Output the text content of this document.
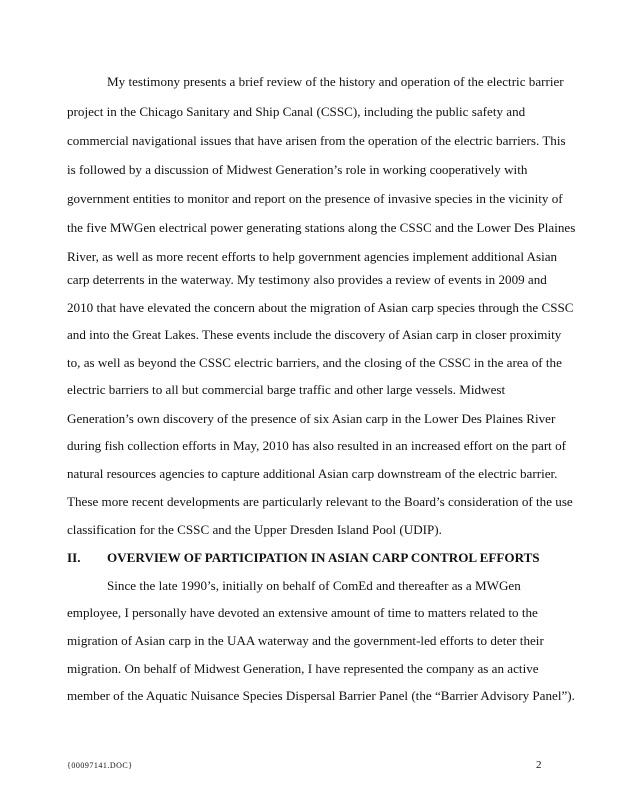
My testimony presents a brief review of the history and operation of the electric barrier
project in the Chicago Sanitary and Ship Canal (CSSC), including the public safety and
commercial navigational issues that have arisen from the operation of the electric barriers. This
is followed by a discussion of Midwest Generation’s role in working cooperatively with
government entities to monitor and report on the presence of invasive species in the vicinity of
the five MWGen electrical power generating stations along the CSSC and the Lower Des Plaines
River, as well as more recent efforts to help government agencies implement additional Asian
carp deterrents in the waterway. My testimony also provides a review of events in 2009 and
2010 that have elevated the concern about the migration of Asian carp species through the CSSC
and into the Great Lakes. These events include the discovery of Asian carp in closer proximity
to, as well as beyond the CSSC electric barriers, and the closing of the CSSC in the area of the
electric barriers to all but commercial barge traffic and other large vessels. Midwest
Generation’s own discovery of the presence of six Asian carp in the Lower Des Plaines River
during fish collection efforts in May, 2010 has also resulted in an increased effort on the part of
natural resources agencies to capture additional Asian carp downstream of the electric barrier.
These more recent developments are particularly relevant to the Board’s consideration of the use
classification for the CSSC and the Upper Dresden Island Pool (UDIP).
II. OVERVIEW OF PARTICIPATION IN ASIAN CARP CONTROL EFFORTS
Since the late 1990’s, initially on behalf of ComEd and thereafter as a MWGen
employee, I personally have devoted an extensive amount of time to matters related to the
migration of Asian carp in the UAA waterway and the government-led efforts to deter their
migration. On behalf of Midwest Generation, I have represented the company as an active
member of the Aquatic Nuisance Species Dispersal Barrier Panel (the “Barrier Advisory Panel”).
{00097141.DOC}	2
